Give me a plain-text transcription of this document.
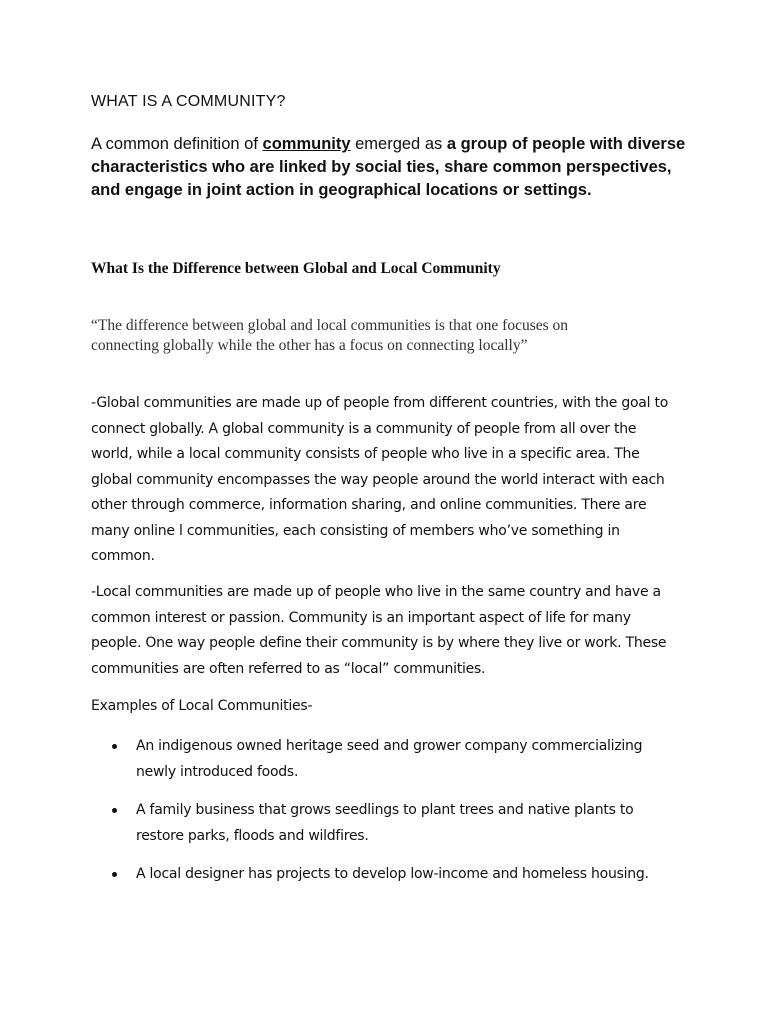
WHAT IS A COMMUNITY?
A common definition of community emerged as a group of people with diverse characteristics who are linked by social ties, share common perspectives, and engage in joint action in geographical locations or settings.
What Is the Difference between Global and Local Community
“The difference between global and local communities is that one focuses on connecting globally while the other has a focus on connecting locally”
-Global communities are made up of people from different countries, with the goal to connect globally. A global community is a community of people from all over the world, while a local community consists of people who live in a specific area. The global community encompasses the way people around the world interact with each other through commerce, information sharing, and online communities. There are many online l communities, each consisting of members who’ve something in common.
-Local communities are made up of people who live in the same country and have a common interest or passion. Community is an important aspect of life for many people. One way people define their community is by where they live or work. These communities are often referred to as “local” communities.
Examples of Local Communities-
An indigenous owned heritage seed and grower company commercializing newly introduced foods.
A family business that grows seedlings to plant trees and native plants to restore parks, floods and wildfires.
A local designer has projects to develop low-income and homeless housing.
